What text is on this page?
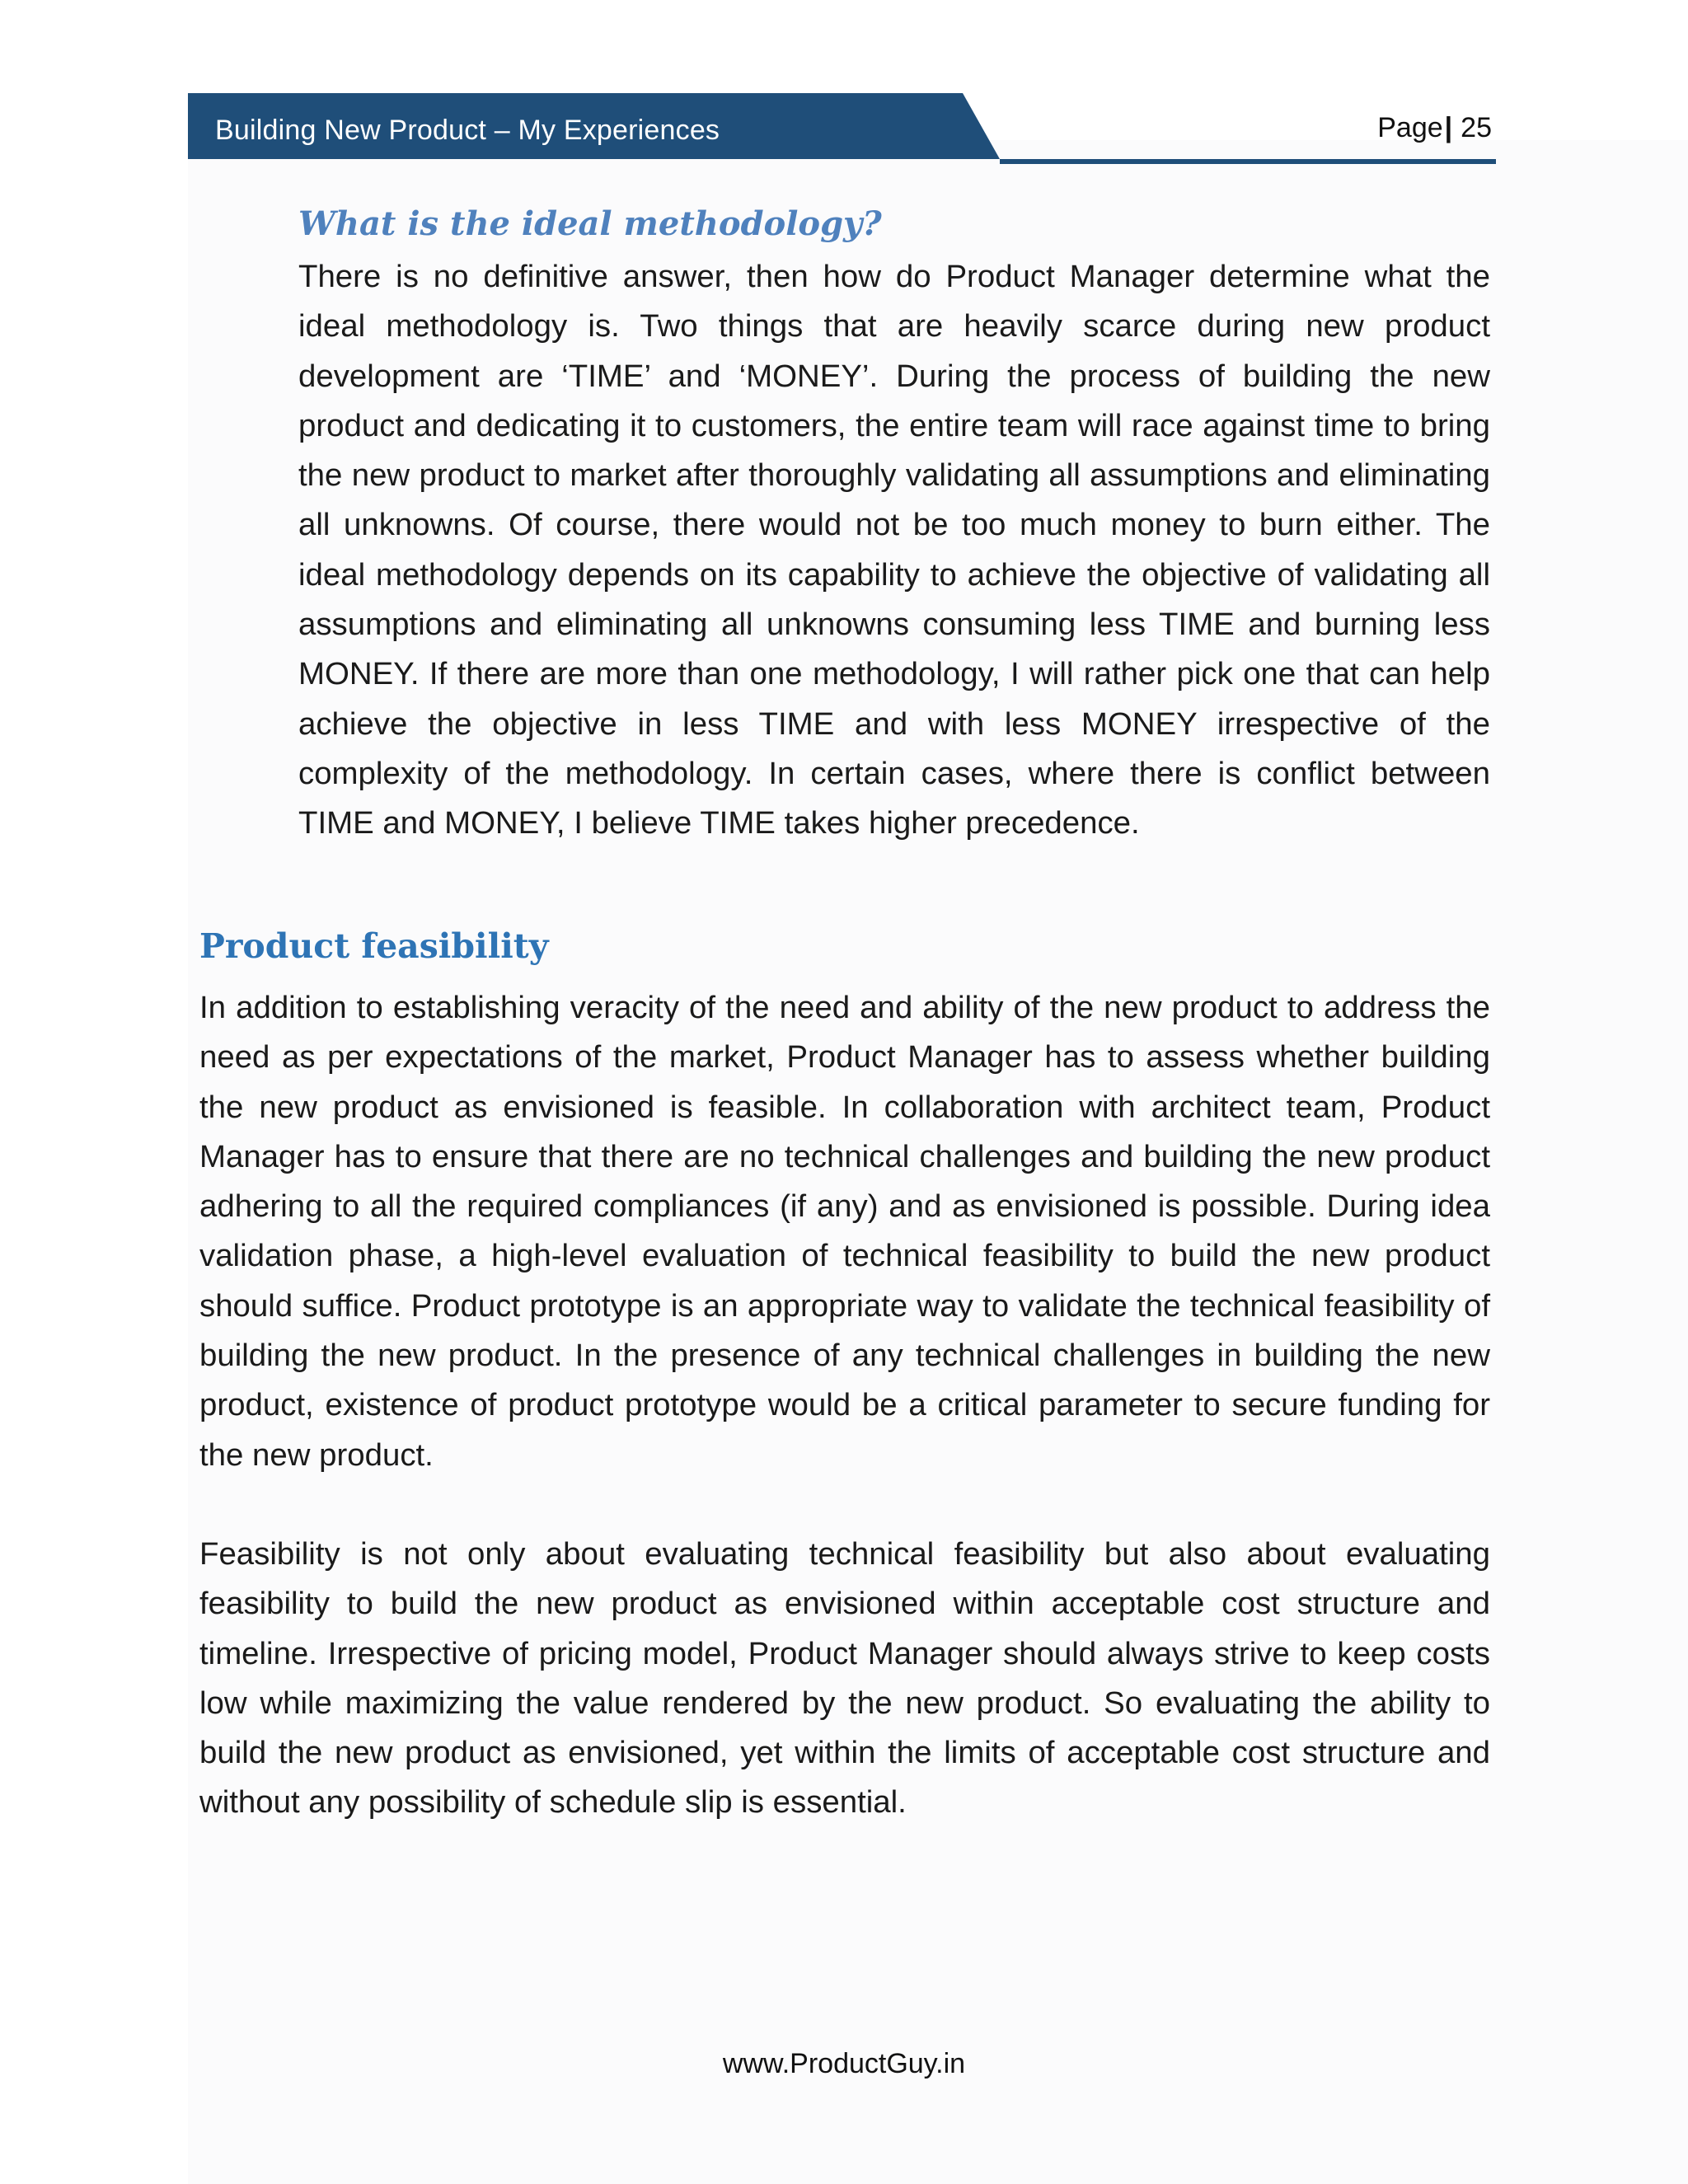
Building New Product – My Experiences	Page| 25
What is the ideal methodology?

There is no definitive answer, then how do Product Manager determine what the ideal methodology is. Two things that are heavily scarce during new product development are ‘TIME’ and ‘MONEY’. During the process of building the new product and dedicating it to customers, the entire team will race against time to bring the new product to market after thoroughly validating all assumptions and eliminating all unknowns. Of course, there would not be too much money to burn either. The ideal methodology depends on its capability to achieve the objective of validating all assumptions and eliminating all unknowns consuming less TIME and burning less MONEY. If there are more than one methodology, I will rather pick one that can help achieve the objective in less TIME and with less MONEY irrespective of the complexity of the methodology. In certain cases, where there is conflict between TIME and MONEY, I believe TIME takes higher precedence.

Product feasibility

In addition to establishing veracity of the need and ability of the new product to address the need as per expectations of the market, Product Manager has to assess whether building the new product as envisioned is feasible. In collaboration with architect team, Product Manager has to ensure that there are no technical challenges and building the new product adhering to all the required compliances (if any) and as envisioned is possible. During idea validation phase, a high-level evaluation of technical feasibility to build the new product should suffice. Product prototype is an appropriate way to validate the technical feasibility of building the new product. In the presence of any technical challenges in building the new product, existence of product prototype would be a critical parameter to secure funding for the new product.

Feasibility is not only about evaluating technical feasibility but also about evaluating feasibility to build the new product as envisioned within acceptable cost structure and timeline. Irrespective of pricing model, Product Manager should always strive to keep costs low while maximizing the value rendered by the new product. So evaluating the ability to build the new product as envisioned, yet within the limits of acceptable cost structure and without any possibility of schedule slip is essential.

www.ProductGuy.in
